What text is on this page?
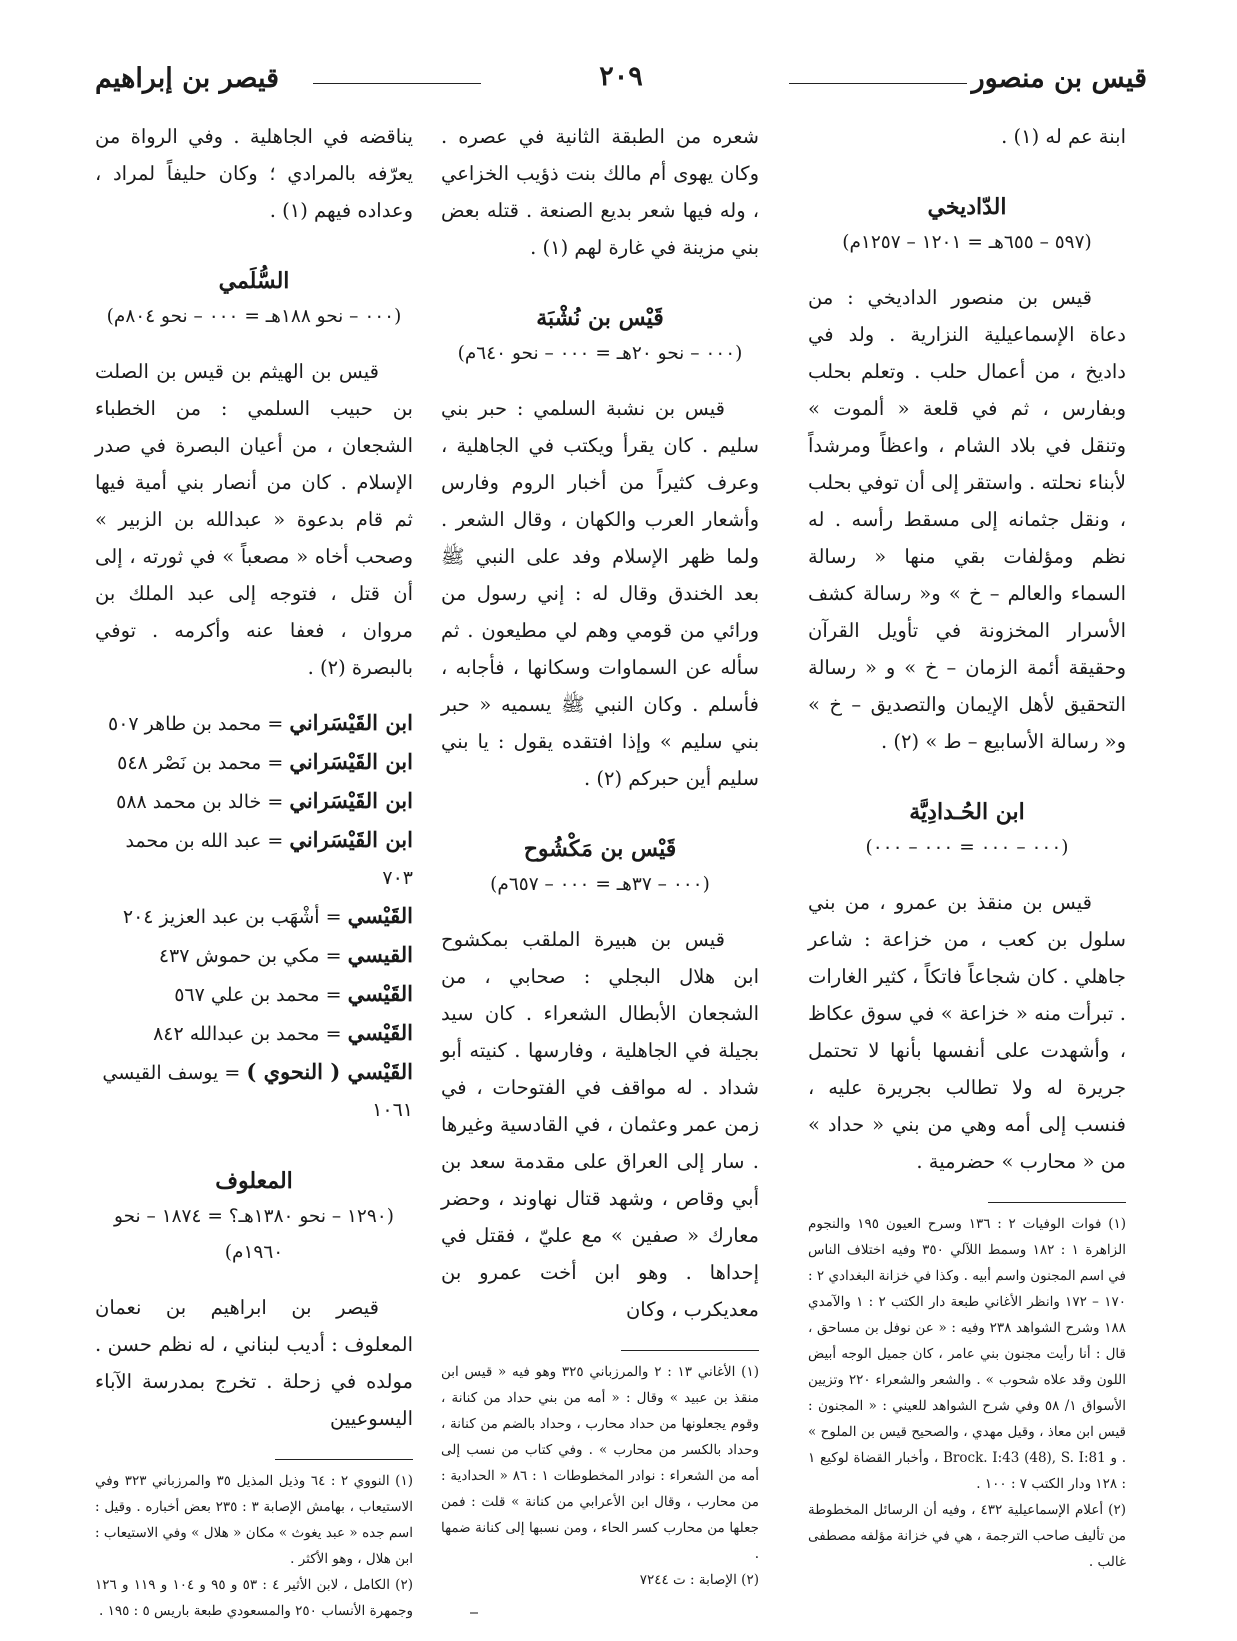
قيس بن منصور
٢٠٩
قيصر بن إبراهيم

ابنة عم له (١) .

الدّاديخي
(٥٩٧ – ٦٥٥هـ = ١٢٠١ – ١٢٥٧م)

قيس بن منصور الداديخي : من دعاة الإسماعيلية النزارية . ولد في داديخ ، من أعمال حلب . وتعلم بحلب وبفارس ، ثم في قلعة « ألموت » وتنقل في بلاد الشام ، واعظاً ومرشداً لأبناء نحلته . واستقر إلى أن توفي بحلب ، ونقل جثمانه إلى مسقط رأسه . له نظم ومؤلفات بقي منها « رسالة السماء والعالم – خ » و« رسالة كشف الأسرار المخزونة في تأويل القرآن وحقيقة أئمة الزمان – خ » و « رسالة التحقيق لأهل الإيمان والتصديق – خ » و« رسالة الأسابيع – ط » (٢) .

ابن الحُـدادِيَّة
(٠٠٠ – ٠٠٠ = ٠٠٠ – ٠٠٠)

قيس بن منقذ بن عمرو ، من بني سلول بن كعب ، من خزاعة : شاعر جاهلي . كان شجاعاً فاتكاً ، كثير الغارات . تبرأت منه « خزاعة » في سوق عكاظ ، وأشهدت على أنفسها بأنها لا تحتمل جريرة له ولا تطالب بجريرة عليه ، فنسب إلى أمه وهي من بني « حداد » من « محارب » حضرمية .

(١) فوات الوفيات ٢ : ١٣٦ وسرح العيون ١٩٥ والنجوم الزاهرة ١ : ١٨٢ وسمط اللآلي ٣٥٠ وفيه اختلاف الناس في اسم المجنون واسم أبيه . وكذا في خزانة البغدادي ٢ : ١٧٠ – ١٧٢ وانظر الأغاني طبعة دار الكتب ٢ : ١ والآمدي ١٨٨ وشرح الشواهد ٢٣٨ وفيه : « عن نوفل بن مساحق ، قال : أنا رأيت مجنون بني عامر ، كان جميل الوجه أبيض اللون وقد علاه شحوب » . والشعر والشعراء ٢٢٠ وتزيين الأسواق ١/ ٥٨ وفي شرح الشواهد للعيني : « المجنون : قيس ابن معاذ ، وقيل مهدي ، والصحيح قيس بن الملوح » . و Brock. I:43 (48), S. I:81 ، وأخبار القضاة لوكيع ١ : ١٢٨ ودار الكتب ٧ : ١٠٠ .

(٢) أعلام الإسماعيلية ٤٣٢ ، وفيه أن الرسائل المخطوطة من تأليف صاحب الترجمة ، هي في خزانة مؤلفه مصطفى غالب .

شعره من الطبقة الثانية في عصره . وكان يهوى أم مالك بنت ذؤيب الخزاعي ، وله فيها شعر بديع الصنعة . قتله بعض بني مزينة في غارة لهم (١) .

قَيْس بن نُشْبَة
(٠٠٠ – نحو ٢٠هـ = ٠٠٠ – نحو ٦٤٠م)

قيس بن نشبة السلمي : حبر بني سليم . كان يقرأ ويكتب في الجاهلية ، وعرف كثيراً من أخبار الروم وفارس وأشعار العرب والكهان ، وقال الشعر . ولما ظهر الإسلام وفد على النبي ﷺ بعد الخندق وقال له : إني رسول من ورائي من قومي وهم لي مطيعون . ثم سأله عن السماوات وسكانها ، فأجابه ، فأسلم . وكان النبي ﷺ يسميه « حبر بني سليم » وإذا افتقده يقول : يا بني سليم أين حبركم (٢) .

قَيْس بن مَكْشُوح
(٠٠٠ – ٣٧هـ = ٠٠٠ – ٦٥٧م)

قيس بن هبيرة الملقب بمكشوح ابن هلال البجلي : صحابي ، من الشجعان الأبطال الشعراء . كان سيد بجيلة في الجاهلية ، وفارسها . كنيته أبو شداد . له مواقف في الفتوحات ، في زمن عمر وعثمان ، في القادسية وغيرها . سار إلى العراق على مقدمة سعد بن أبي وقاص ، وشهد قتال نهاوند ، وحضر معارك « صفين » مع عليّ ، فقتل في إحداها . وهو ابن أخت عمرو بن معديكرب ، وكان

(١) الأغاني ١٣ : ٢ والمرزباني ٣٢٥ وهو فيه « قيس ابن منقذ بن عبيد » وقال : « أمه من بني حداد من كنانة ، وقوم يجعلونها من حداد محارب ، وحداد بالضم من كنانة ، وحداد بالكسر من محارب » . وفي كتاب من نسب إلى أمه من الشعراء : نوادر المخطوطات ١ : ٨٦ « الحدادية : من محارب ، وقال ابن الأعرابي من كنانة » قلت : فمن جعلها من محارب كسر الحاء ، ومن نسبها إلى كنانة ضمها .

(٢) الإصابة : ت ٧٢٤٤

يناقضه في الجاهلية . وفي الرواة من يعرّفه بالمرادي ؛ وكان حليفاً لمراد ، وعداده فيهم (١) .

السُّلَمي
(٠٠٠ – نحو ١٨٨هـ = ٠٠٠ – نحو ٨٠٤م)

قيس بن الهيثم بن قيس بن الصلت بن حبيب السلمي : من الخطباء الشجعان ، من أعيان البصرة في صدر الإسلام . كان من أنصار بني أمية فيها ثم قام بدعوة « عبدالله بن الزبير » وصحب أخاه « مصعباً » في ثورته ، إلى أن قتل ، فتوجه إلى عبد الملك بن مروان ، فعفا عنه وأكرمه . توفي بالبصرة (٢) .

ابن القَيْسَراني = محمد بن طاهر ٥٠٧
ابن القَيْسَراني = محمد بن نَصْر ٥٤٨
ابن القَيْسَراني = خالد بن محمد ٥٨٨
ابن القَيْسَراني = عبد الله بن محمد ٧٠٣
القَيْسي = أشْهَب بن عبد العزيز ٢٠٤
القيسي = مكي بن حموش ٤٣٧
القَيْسي = محمد بن علي ٥٦٧
القَيْسي = محمد بن عبدالله ٨٤٢
القَيْسي ( النحوي ) = يوسف القيسي ١٠٦١
المعلوف
(١٢٩٠ – نحو ١٣٨٠هـ؟ = ١٨٧٤ – نحو ١٩٦٠م)

قيصر بن ابراهيم بن نعمان المعلوف : أديب لبناني ، له نظم حسن . مولده في زحلة . تخرج بمدرسة الآباء اليسوعيين

(١) النووي ٢ : ٦٤ وذيل المذيل ٣٥ والمرزباني ٣٢٣ وفي الاستيعاب ، بهامش الإصابة ٣ : ٢٣٥ بعض أخباره . وقيل : اسم جده « عبد يغوث » مكان « هلال » وفي الاستيعاب : ابن هلال ، وهو الأكثر .

(٢) الكامل ، لابن الأثير ٤ : ٥٣ و ٩٥ و ١٠٤ و ١١٩ و ١٢٦ وجمهرة الأنساب ٢٥٠ والمسعودي طبعة باريس ٥ : ١٩٥ .
